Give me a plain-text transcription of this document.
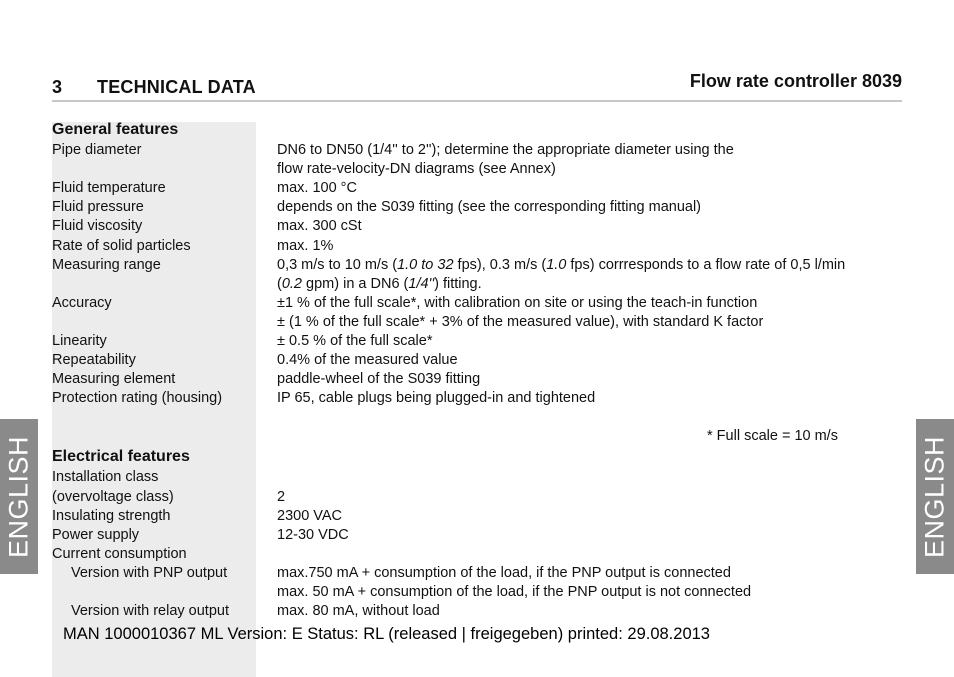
3 TECHNICAL DATA	Flow rate controller 8039
General features
Pipe diameter	DN6 to DN50 (1/4'' to 2''); determine the appropriate diameter using the
flow rate-velocity-DN diagrams (see Annex)
Fluid temperature	max. 100 °C
Fluid pressure	depends on the S039 fitting (see the corresponding fitting manual)
Fluid viscosity	max. 300 cSt
Rate of solid particles	max. 1%
Measuring range	0,3 m/s to 10 m/s (1.0 to 32 fps), 0.3 m/s (1.0 fps) corrresponds to a flow rate of 0,5 l/min
(0.2 gpm) in a DN6 (1/4'') fitting.
Accuracy	±1 % of the full scale*, with calibration on site or using the teach-in function
± (1 % of the full scale* + 3% of the measured value), with standard K factor
Linearity	± 0.5 % of the full scale*
Repeatability	0.4% of the measured value
Measuring element	paddle-wheel of the S039 fitting
Protection rating (housing)	IP 65, cable plugs being plugged-in and tightened
* Full scale = 10 m/s
Electrical features
Installation class
(overvoltage class)	2
Insulating strength	2300 VAC
Power supply	12-30 VDC
Current consumption
Version with PNP output	max.750 mA + consumption of the load, if the PNP output is connected
max. 50 mA + consumption of the load, if the PNP output is not connected
Version with relay output	max. 80 mA, without load
ENGLISH	ENGLISH
MAN 1000010367 ML Version: E Status: RL (released | freigegeben) printed: 29.08.2013
